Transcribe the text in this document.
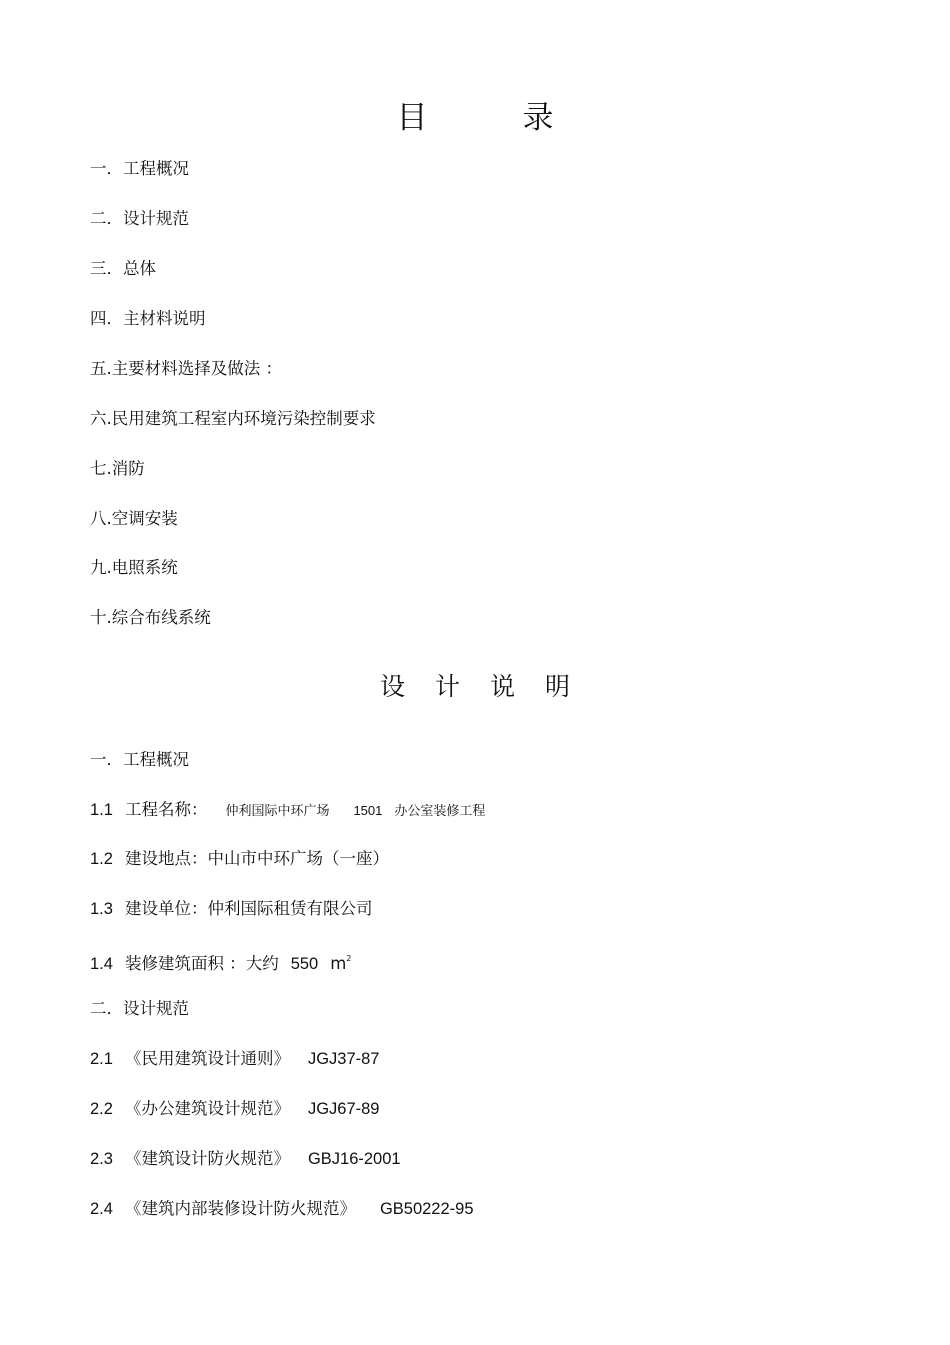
目	录
一．工程概况
二．设计规范
三．总体
四．主材料说明
五.主要材料选择及做法 ：
六.民用建筑工程室内环境污染控制要求
七.消防
八.空调安装
九.电照系统
十.综合布线系统
设 计 说 明
一．工程概况
1.1 工程名称： 仲利国际中环广场 1501 办公室装修工程
1.2 建设地点：中山市中环广场（一座）
1.3 建设单位：仲利国际租赁有限公司
1.4 装修建筑面积 ：大约 550 $m^2$
二．设计规范
2.1 《民用建筑设计通则》 JGJ37-87
2.2 《办公建筑设计规范》 JGJ67-89
2.3 《建筑设计防火规范》 GBJ16-2001
2.4 《建筑内部装修设计防火规范》 GB50222-95
